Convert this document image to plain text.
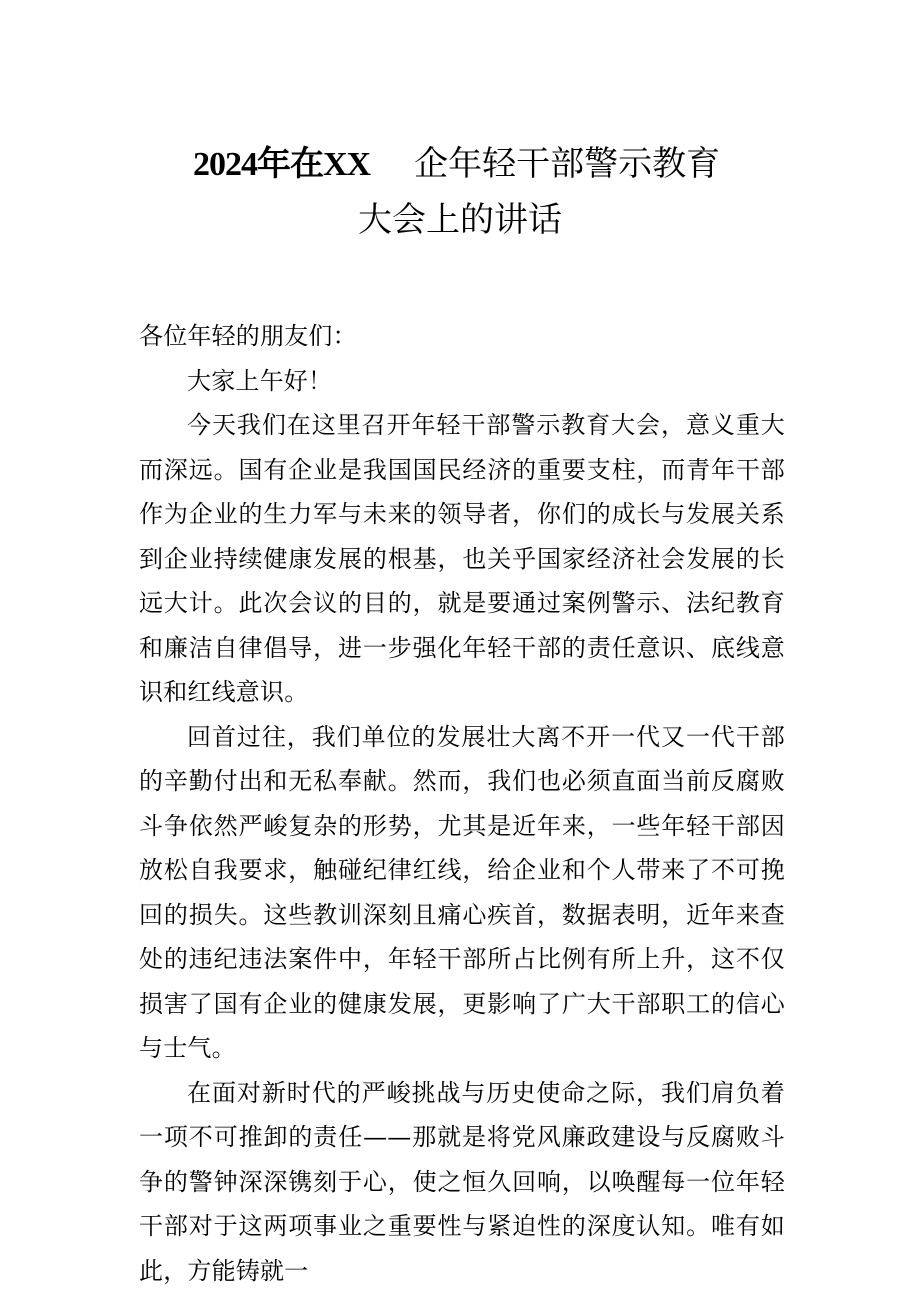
2024年在XX 企年轻干部警示教育
大会上的讲话

各位年轻的朋友们：

大家上午好！

今天我们在这里召开年轻干部警示教育大会，意义重大而深远。国有企业是我国国民经济的重要支柱，而青年干部作为企业的生力军与未来的领导者，你们的成长与发展关系到企业持续健康发展的根基，也关乎国家经济社会发展的长远大计。此次会议的目的，就是要通过案例警示、法纪教育和廉洁自律倡导，进一步强化年轻干部的责任意识、底线意识和红线意识。

回首过往，我们单位的发展壮大离不开一代又一代干部的辛勤付出和无私奉献。然而，我们也必须直面当前反腐败斗争依然严峻复杂的形势，尤其是近年来，一些年轻干部因放松自我要求，触碰纪律红线，给企业和个人带来了不可挽回的损失。这些教训深刻且痛心疾首，数据表明，近年来查处的违纪违法案件中，年轻干部所占比例有所上升，这不仅损害了国有企业的健康发展，更影响了广大干部职工的信心与士气。

在面对新时代的严峻挑战与历史使命之际，我们肩负着一项不可推卸的责任——那就是将党风廉政建设与反腐败斗争的警钟深深镌刻于心，使之恒久回响，以唤醒每一位年轻干部对于这两项事业之重要性与紧迫性的深度认知。唯有如此，方能铸就一
